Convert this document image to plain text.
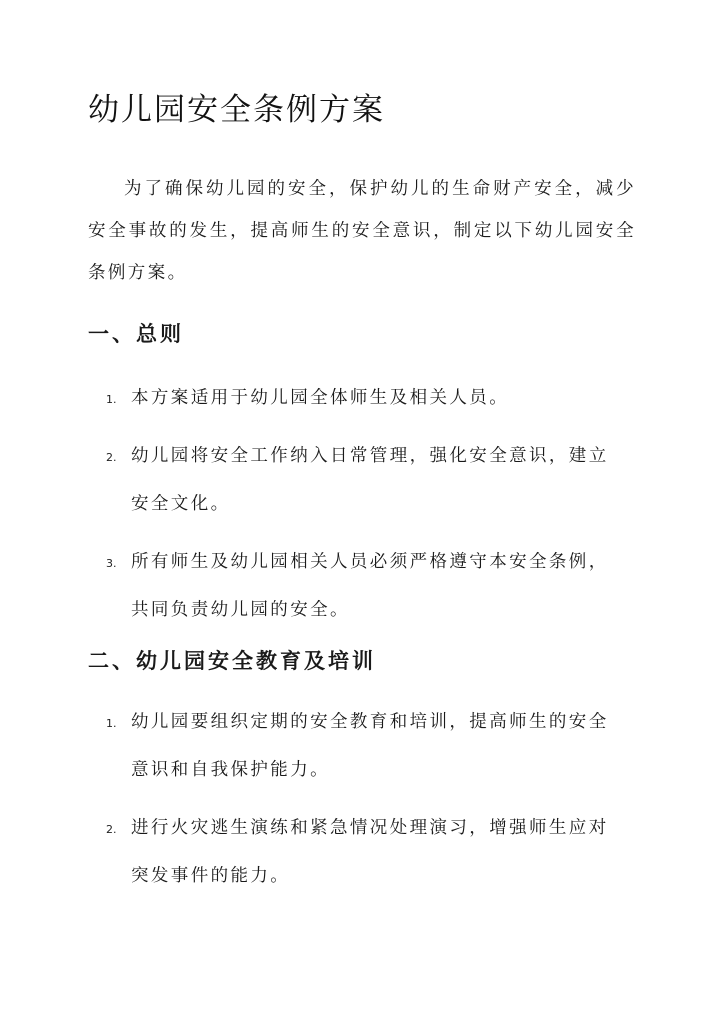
幼儿园安全条例方案

为了确保幼儿园的安全，保护幼儿的生命财产安全，减少安全事故的发生，提高师生的安全意识，制定以下幼儿园安全条例方案。

一、总则
1. 本方案适用于幼儿园全体师生及相关人员。
2. 幼儿园将安全工作纳入日常管理，强化安全意识，建立安全文化。
3. 所有师生及幼儿园相关人员必须严格遵守本安全条例，共同负责幼儿园的安全。
二、幼儿园安全教育及培训
1. 幼儿园要组织定期的安全教育和培训，提高师生的安全意识和自我保护能力。
2. 进行火灾逃生演练和紧急情况处理演习，增强师生应对突发事件的能力。
